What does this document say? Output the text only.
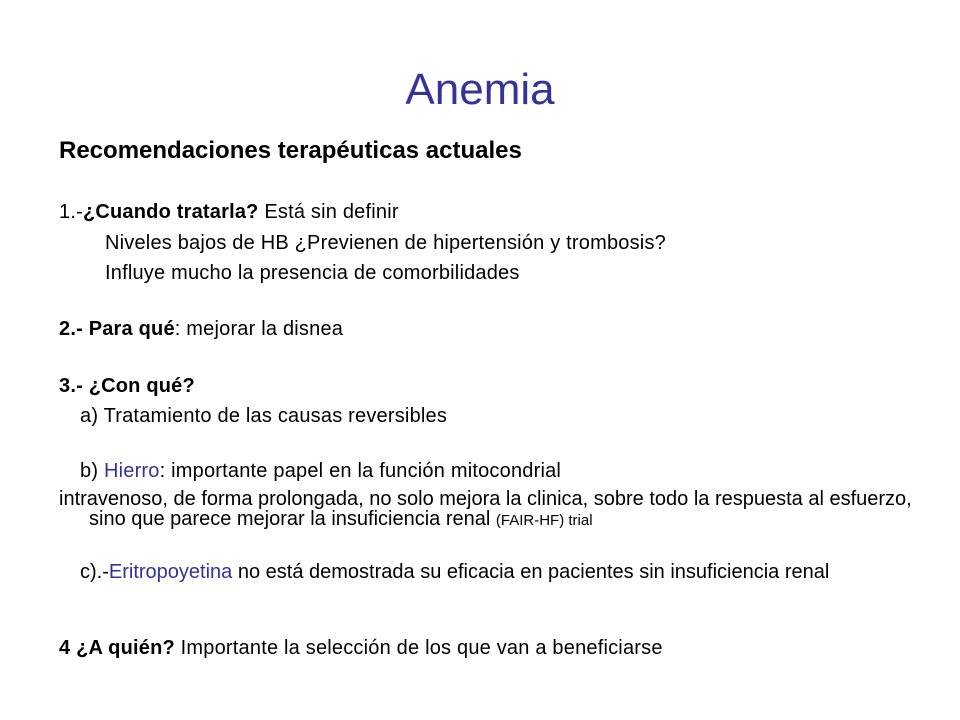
Anemia
Recomendaciones terapéuticas actuales
1.-¿Cuando tratarla? Está sin definir
Niveles bajos de HB ¿Previenen de hipertensión y trombosis?
Influye mucho la presencia de comorbilidades
2.- Para qué: mejorar la disnea
3.- ¿Con qué?
a) Tratamiento de las causas reversibles
b) Hierro: importante papel en la función mitocondrial
intravenoso, de forma prolongada, no solo mejora la clinica, sobre todo la respuesta al esfuerzo, sino que parece mejorar la insuficiencia renal (FAIR-HF) trial
c).-Eritropoyetina no está demostrada su eficacia en pacientes sin insuficiencia renal
4 ¿A quién? Importante la selección de los que van a beneficiarse
